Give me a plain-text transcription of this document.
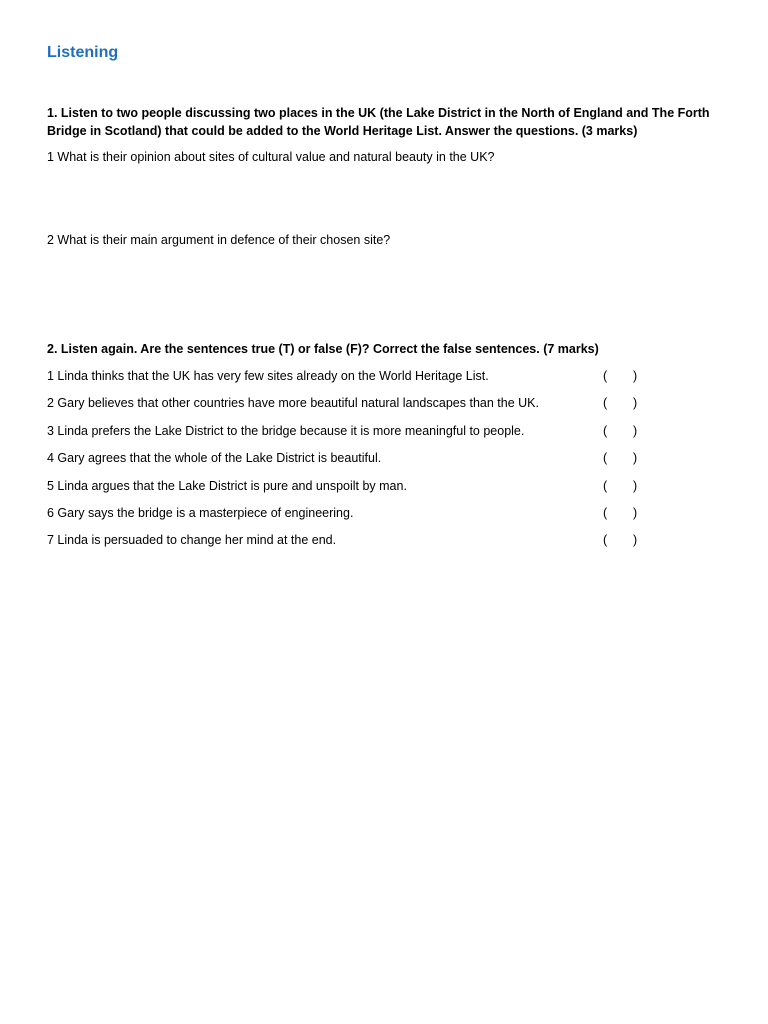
Listening
1. Listen to two people discussing two places in the UK (the Lake District in the North of England and The Forth Bridge in Scotland) that could be added to the World Heritage List. Answer the questions. (3 marks)
1 What is their opinion about sites of cultural value and natural beauty in the UK?
2 What is their main argument in defence of their chosen site?
2. Listen again. Are the sentences true (T) or false (F)? Correct the false sentences. (7 marks)
1 Linda thinks that the UK has very few sites already on the World Heritage List.	( )
2 Gary believes that other countries have more beautiful natural landscapes than the UK.	( )
3 Linda prefers the Lake District to the bridge because it is more meaningful to people.	( )
4 Gary agrees that the whole of the Lake District is beautiful.	( )
5 Linda argues that the Lake District is pure and unspoilt by man.	( )
6 Gary says the bridge is a masterpiece of engineering.	( )
7 Linda is persuaded to change her mind at the end.	( )
